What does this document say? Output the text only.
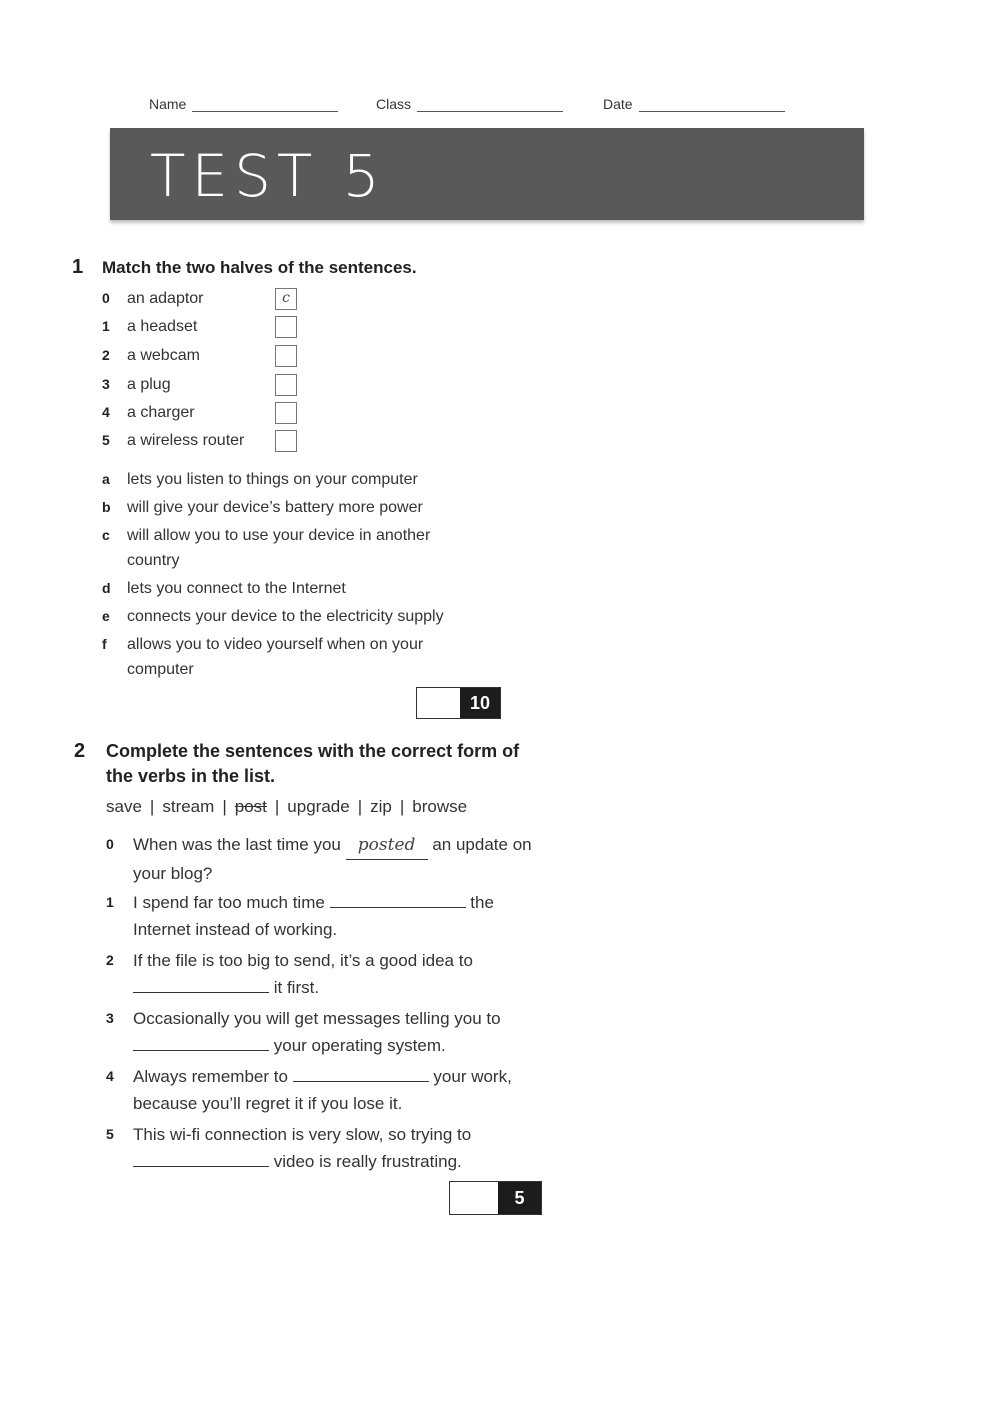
Name	Class	Date
TEST 5
1 Match the two halves of the sentences.
0 an adaptor	c
1 a headset
2 a webcam
3 a plug
4 a charger
5 a wireless router
a lets you listen to things on your computer
b will give your device’s battery more power
c will allow you to use your device in another country
d lets you connect to the Internet
e connects your device to the electricity supply
f allows you to video yourself when on your computer
10
2 Complete the sentences with the correct form of the verbs in the list.
save | stream | post | upgrade | zip | browse
0 When was the last time you posted an update on your blog?
1 I spend far too much time	the Internet instead of working.
2 If the file is too big to send, it’s a good idea to
it first.
3 Occasionally you will get messages telling you to
your operating system.
4 Always remember to	your work, because you’ll regret it if you lose it.
5 This wi-fi connection is very slow, so trying to
video is really frustrating.
5
